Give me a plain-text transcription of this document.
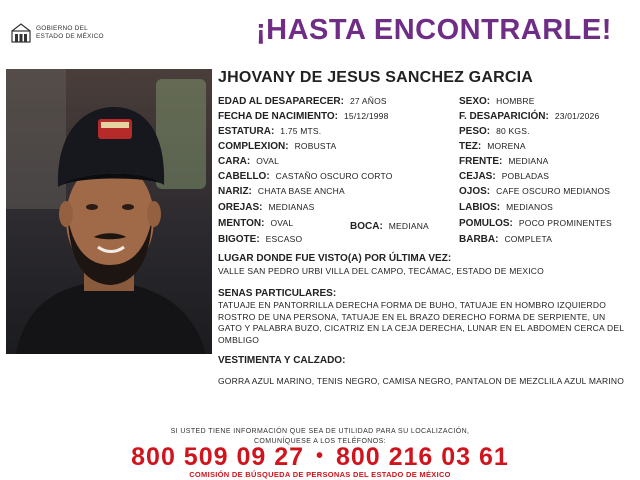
GOBIERNO DEL
ESTADO DE MÉXICO	¡HASTA ENCONTRARLE!
JHOVANY DE JESUS SANCHEZ GARCIA
EDAD AL DESAPARECER: 27 AÑOS
FECHA DE NACIMIENTO: 15/12/1998
ESTATURA: 1.75 MTS.
COMPLEXION: ROBUSTA
CARA: OVAL
CABELLO: CASTAÑO OSCURO CORTO
NARIZ: CHATA BASE ANCHA
OREJAS: MEDIANAS
MENTON: OVAL	BOCA: MEDIANA
BIGOTE: ESCASO
SEXO: HOMBRE
F. DESAPARICIÓN: 23/01/2026
PESO: 80 KGS.
TEZ: MORENA
FRENTE: MEDIANA
CEJAS: POBLADAS
OJOS: CAFE OSCURO MEDIANOS
LABIOS: MEDIANOS
POMULOS: POCO PROMINENTES
BARBA: COMPLETA
LUGAR DONDE FUE VISTO(A) POR ÚLTIMA VEZ:
VALLE SAN PEDRO URBI VILLA DEL CAMPO, TECÁMAC, ESTADO DE MEXICO
SENAS PARTICULARES:
TATUAJE EN PANTORRILLA DERECHA FORMA DE BUHO, TATUAJE EN HOMBRO IZQUIERDO ROSTRO DE UNA PERSONA, TATUAJE EN EL BRAZO DERECHO FORMA DE SERPIENTE, UN GATO Y PALABRA BUZO, CICATRIZ EN LA CEJA DERECHA, LUNAR EN EL ABDOMEN CERCA DEL OMBLIGO
VESTIMENTA Y CALZADO:
GORRA AZUL MARINO, TENIS NEGRO, CAMISA NEGRO, PANTALON DE MEZCLILA AZUL MARINO
SI USTED TIENE INFORMACIÓN QUE SEA DE UTILIDAD PARA SU LOCALIZACIÓN,
COMUNÍQUESE A LOS TELÉFONOS:
800 509 09 27 • 800 216 03 61
COMISIÓN DE BÚSQUEDA DE PERSONAS DEL ESTADO DE MÉXICO
